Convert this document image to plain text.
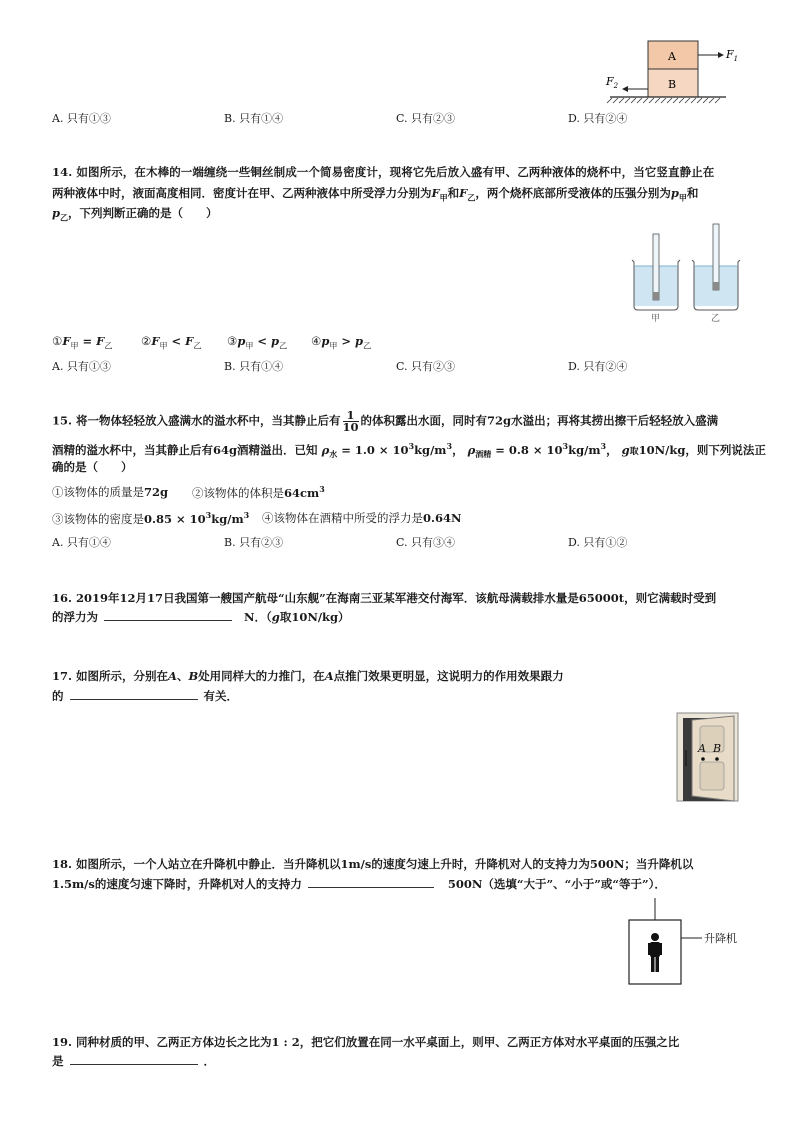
A
B
$F_1$
$F_2$
A. 只有①③	B. 只有①④	C. 只有②③	D. 只有②④
14. 如图所示，在木棒的一端缠绕一些铜丝制成一个简易密度计，现将它先后放入盛有甲、乙两种液体的烧杯中，当它竖直静止在
两种液体中时，液面高度相同．密度计在甲、乙两种液体中所受浮力分别为$F_甲$和$F_乙$，两个烧杯底部所受液体的压强分别为$p_甲$和
$p_乙$，下列判断正确的是（　　）
甲	乙
$①F_甲 = F_乙$ $②F_甲 < F_乙$ $③p_甲 < p_乙$ $④p_甲 > p_乙$
A. 只有①③	B. 只有①④	C. 只有②③	D. 只有②④
15. 将一物体轻轻放入盛满水的溢水杯中，当其静止后有 $\frac{1}{10}$ 的体积露出水面，同时有72g水溢出；再将其捞出擦干后轻轻放入盛满
酒精的溢水杯中，当其静止后有64g酒精溢出．已知 $\rho_水 = 1.0 \times 10^3kg/m^3$， $\rho_{酒精} = 0.8 \times 10^3kg/m^3$， g取10N/kg，则下列说法正
确的是（　　）
①该物体的质量是72g ②该物体的体积是$64cm^3$
③该物体的密度是$0.85 \times 10^3kg/m^3$ ④该物体在酒精中所受的浮力是0.64N
A. 只有①④	B. 只有②③	C. 只有③④	D. 只有①②
16. 2019年12月17日我国第一艘国产航母“山东舰”在海南三亚某军港交付海军．该航母满载排水量是65000t，则它满载时受到
的浮力为	N．（g取10N/kg）
17. 如图所示，分别在A、B处用同样大的力推门，在A点推门效果更明显，这说明力的作用效果跟力
的	有关．
A B
18. 如图所示，一个人站立在升降机中静止．当升降机以1m/s的速度匀速上升时，升降机对人的支持力为500N；当升降机以
1.5m/s的速度匀速下降时，升降机对人的支持力	500N（选填“大于”、“小于”或“等于”）．
升降机
19. 同种材质的甲、乙两正方体边长之比为1 : 2，把它们放置在同一水平桌面上，则甲、乙两正方体对水平桌面的压强之比
是	．
